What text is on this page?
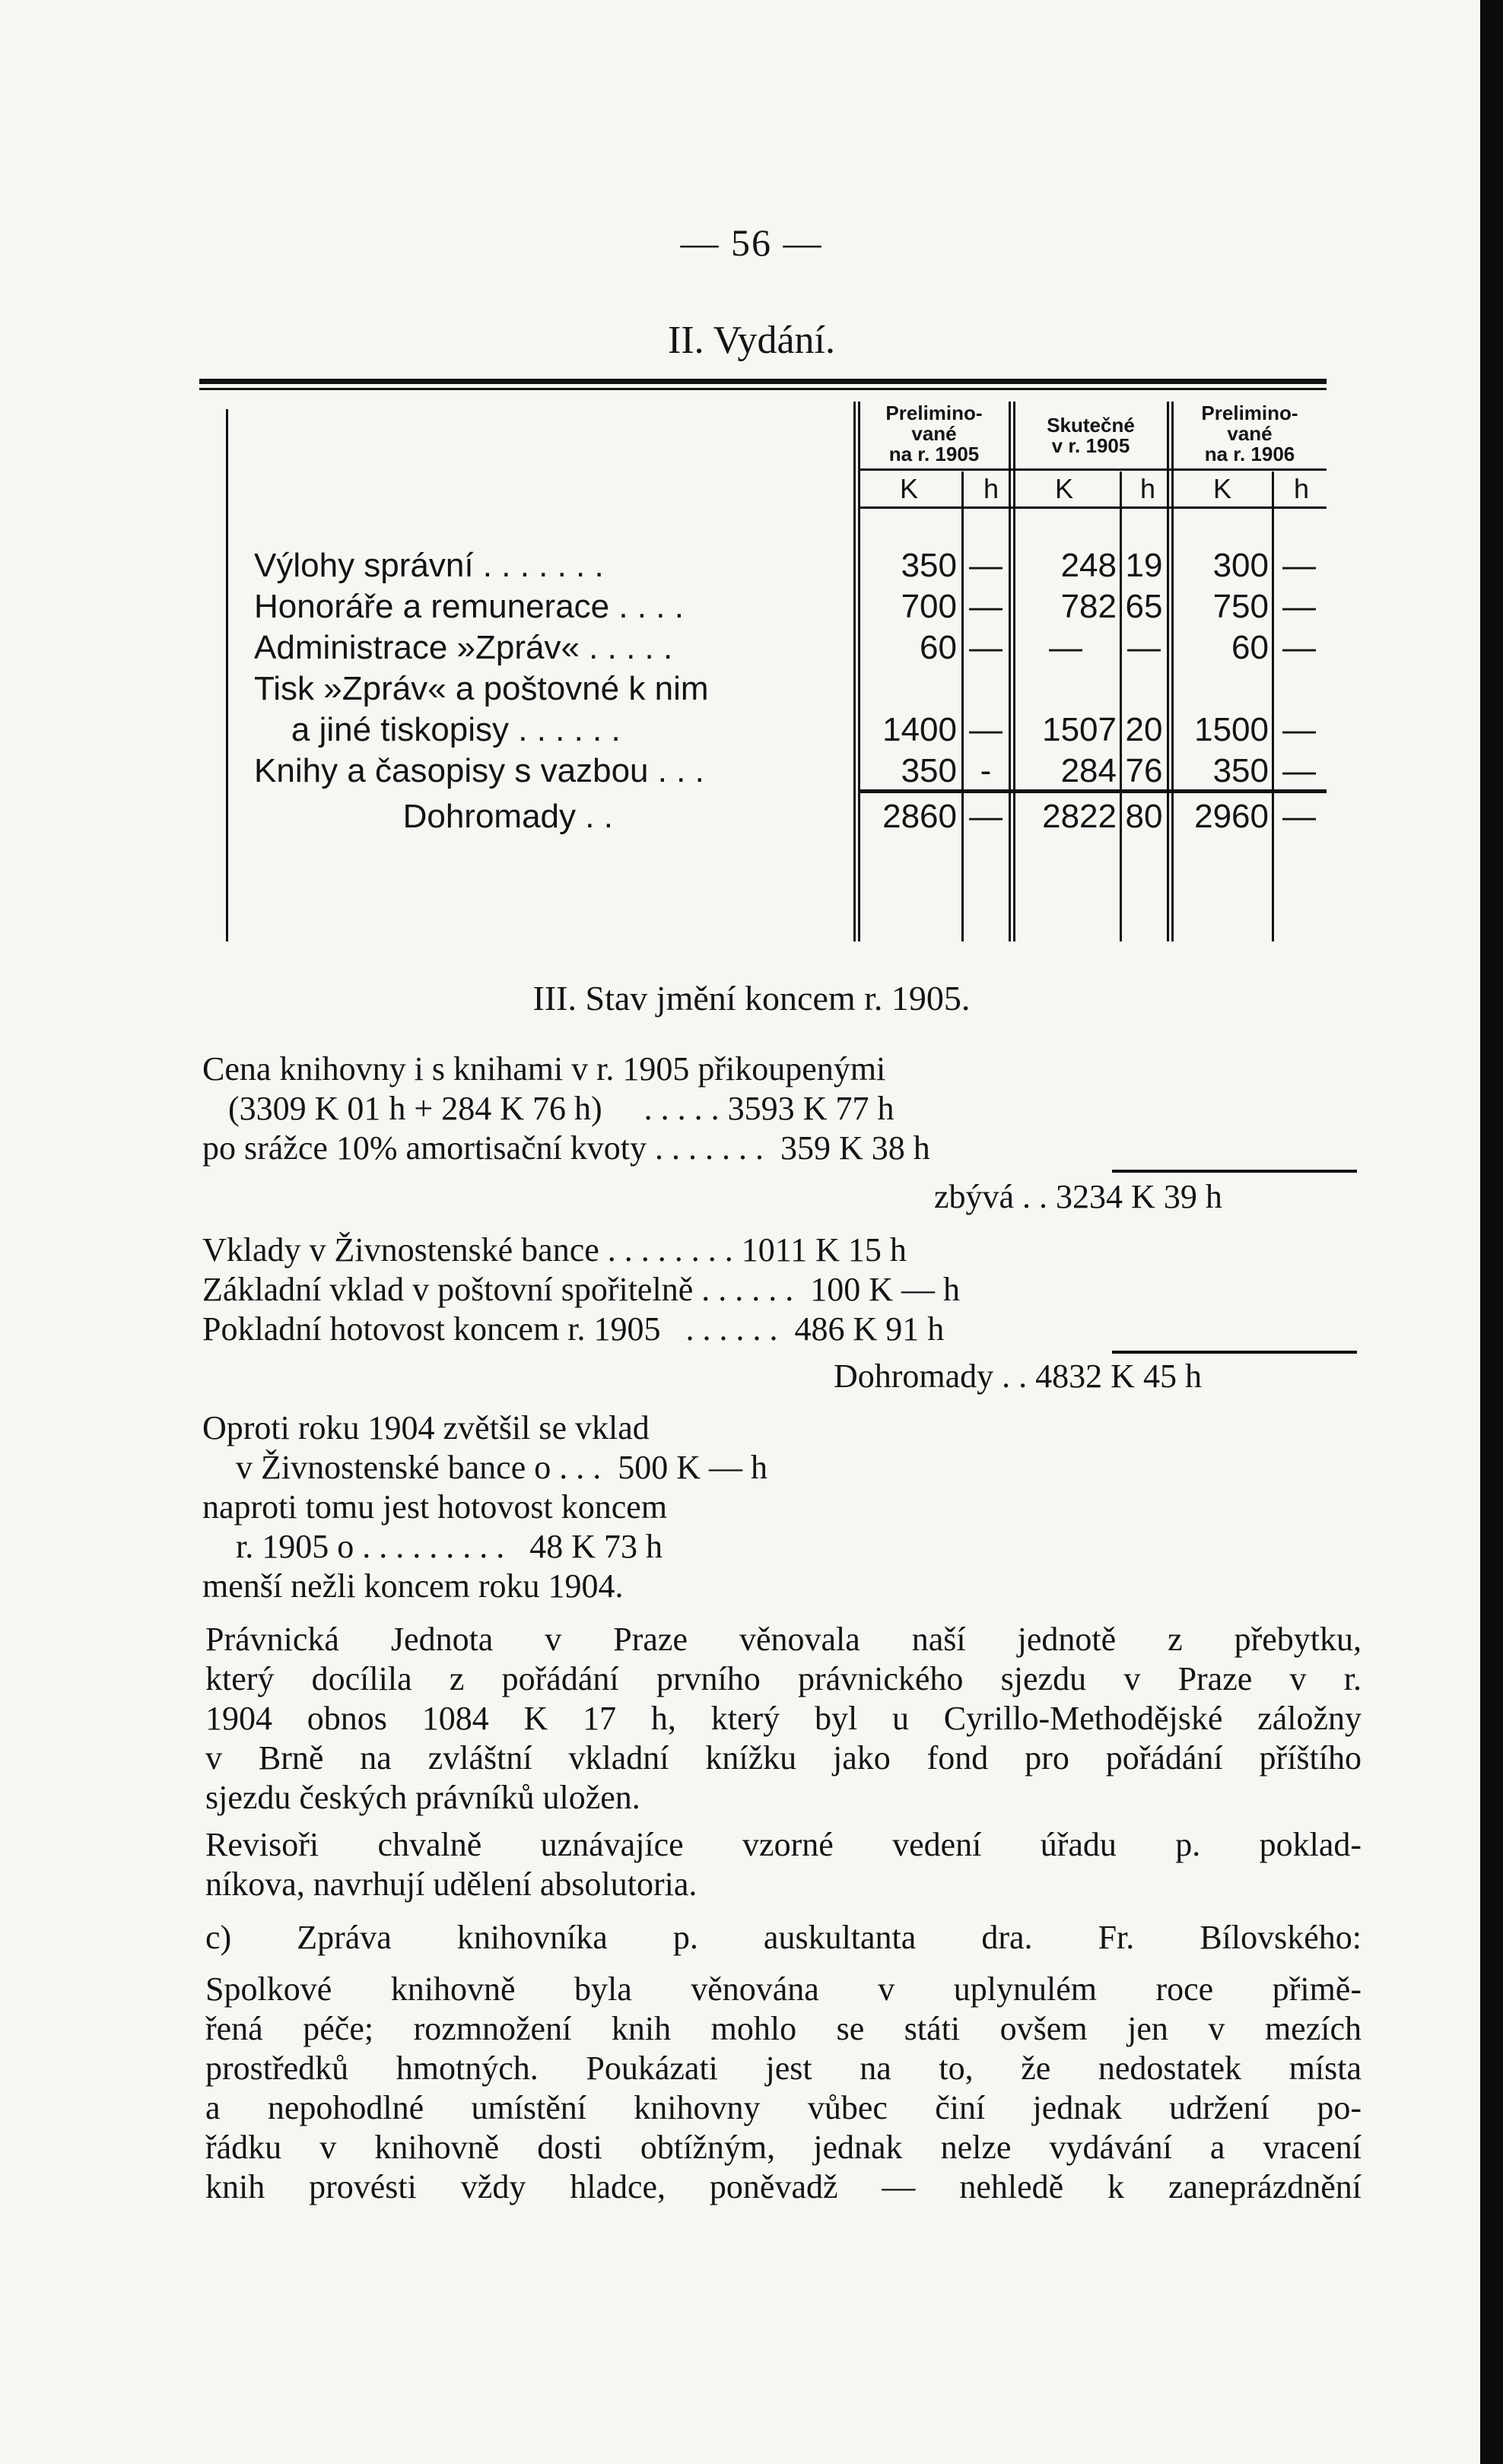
— 56 —
II. Vydání.
Prelimino-
vané
na r. 1905
Skutečné
v r. 1905
Prelimino-
vané
na r. 1906
K	h	K	h	K	h
Výlohy správní . . . . . . .	350 —	248 19	300 —
Honoráře a remunerace . . . .	700 —	782 65	750 —
Administrace »Zpráv« . . . . .	60 —	—	—	60 —
Tisk »Zpráv« a poštovné k nim
a jiné tiskopisy . . . . . .	1400 —	1507 20 1500 —
Knihy a časopisy s vazbou . . .	350 -	284 76	350 —
Dohromady . .	2860 —	2822 80 2960 —
III. Stav jmění koncem r. 1905.
Cena knihovny i s knihami v r. 1905 přikoupenými
(3309 K 01 h + 284 K 76 h)     . . . . . 3593 K 77 h
po srážce 10% amortisační kvoty . . . . . . .  359 K 38 h
zbývá . . 3234 K 39 h
Vklady v Živnostenské bance . . . . . . . . 1011 K 15 h
Základní vklad v poštovní spořitelně . . . . . .  100 K — h
Pokladní hotovost koncem r. 1905   . . . . . .  486 K 91 h
Dohromady . . 4832 K 45 h
Oproti roku 1904 zvětšil se vklad
v Živnostenské bance o . . .  500 K — h
naproti tomu jest hotovost koncem
r. 1905 o . . . . . . . . .   48 K 73 h
menší nežli koncem roku 1904.
Právnická Jednota v Praze věnovala naší jednotě z přebytku,
který docílila z pořádání prvního právnického sjezdu v Praze v r.
1904 obnos 1084 K 17 h, který byl u Cyrillo-Methodějské záložny
v Brně na zvláštní vkladní knížku jako fond pro pořádání příštího
sjezdu českých právníků uložen.
Revisoři chvalně uznávajíce vzorné vedení úřadu p. poklad-
níkova, navrhují udělení absolutoria.
c) Zpráva knihovníka p. auskultanta dra. Fr. Bílovského:
Spolkové knihovně byla věnována v uplynulém roce přimě-
řená péče; rozmnožení knih mohlo se státi ovšem jen v mezích
prostředků hmotných. Poukázati jest na to, že nedostatek místa
a nepohodlné umístění knihovny vůbec činí jednak udržení po-
řádku v knihovně dosti obtížným, jednak nelze vydávání a vracení
knih provésti vždy hladce, poněvadž — nehledě k zaneprázdnění
